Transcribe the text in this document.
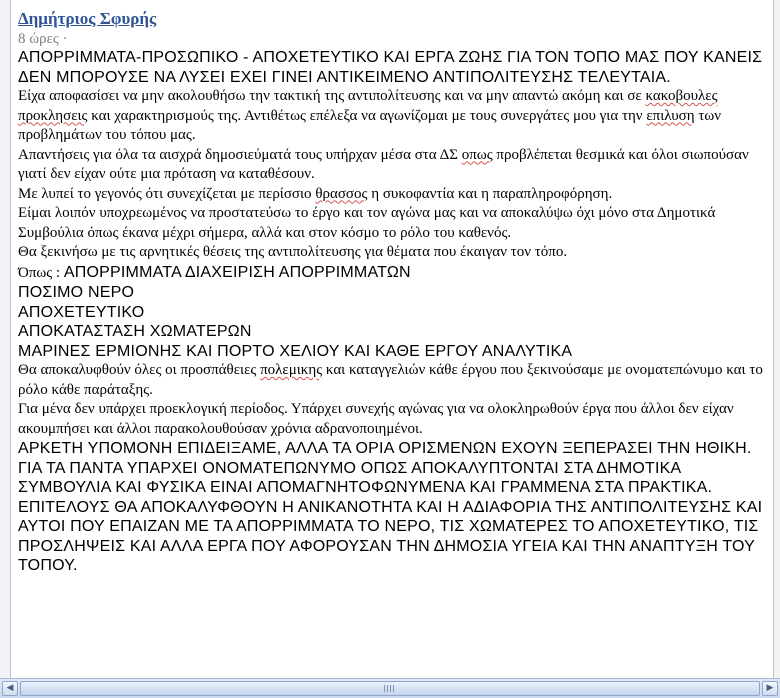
Δημήτριος Σφυρής
8 ώρες ·
ΑΠΟΡΡΙΜΜΑΤΑ-ΠΡΟΣΩΠΙΚΟ - ΑΠΟΧΕΤΕΥΤΙΚΟ ΚΑΙ ΕΡΓΑ ΖΩΗΣ ΓΙΑ ΤΟΝ ΤΟΠΟ ΜΑΣ ΠΟΥ ΚΑΝΕΙΣ ΔΕΝ ΜΠΟΡΟΥΣΕ ΝΑ ΛΥΣΕΙ ΕΧΕΙ ΓΙΝΕΙ ΑΝΤΙΚΕΙΜΕΝΟ ΑΝΤΙΠΟΛΙΤΕΥΣΗΣ ΤΕΛΕΥΤΑΙΑ.
Είχα αποφασίσει να μην ακολουθήσω την τακτική της αντιπολίτευσης και να μην απαντώ ακόμη και σε κακοβουλες προκλησεις και χαρακτηρισμούς της. Αντιθέτως επέλεξα να αγωνίζομαι με τους συνεργάτες μου για την επιλυση των προβλημάτων του τόπου μας.
Απαντήσεις για όλα τα αισχρά δημοσιεύματά τους υπήρχαν μέσα στα ΔΣ οπως προβλέπεται θεσμικά και όλοι σιωπούσαν γιατί δεν είχαν ούτε μια πρόταση να καταθέσουν.
Με λυπεί το γεγονός ότι συνεχίζεται με περίσσιο θρασσος η συκοφαντία και η παραπληροφόρηση.
Είμαι λοιπόν υποχρεωμένος να προστατεύσω το έργο και τον αγώνα μας και να αποκαλύψω όχι μόνο στα Δημοτικά Συμβούλια όπως έκανα μέχρι σήμερα, αλλά και στον κόσμο το ρόλο του καθενός.
Θα ξεκινήσω με τις αρνητικές θέσεις της αντιπολίτευσης για θέματα που έκαιγαν τον τόπο.
Όπως : ΑΠΟΡΡΙΜΜΑΤΑ ΔΙΑΧΕΙΡΙΣΗ ΑΠΟΡΡΙΜΜΑΤΩΝ
ΠΟΣΙΜΟ ΝΕΡΟ
ΑΠΟΧΕΤΕΥΤΙΚΟ
ΑΠΟΚΑΤΑΣΤΑΣΗ ΧΩΜΑΤΕΡΩΝ
ΜΑΡΙΝΕΣ ΕΡΜΙΟΝΗΣ ΚΑΙ ΠΟΡΤΟ ΧΕΛΙΟΥ ΚΑΙ ΚΑΘΕ ΕΡΓΟΥ ΑΝΑΛΥΤΙΚΑ
Θα αποκαλυφθούν όλες οι προσπάθειες πολεμικης και καταγγελιών κάθε έργου που ξεκινούσαμε με ονοματεπώνυμο και το ρόλο κάθε παράταξης.
Για μένα δεν υπάρχει προεκλογική περίοδος. Υπάρχει συνεχής αγώνας για να ολοκληρωθούν έργα που άλλοι δεν είχαν ακουμπήσει και άλλοι παρακολουθούσαν χρόνια αδρανοποιημένοι.
ΑΡΚΕΤΗ ΥΠΟΜΟΝΗ ΕΠΙΔΕΙΞΑΜΕ, ΑΛΛΑ ΤΑ ΟΡΙΑ ΟΡΙΣΜΕΝΩΝ ΕΧΟΥΝ ΞΕΠΕΡΑΣΕΙ ΤΗΝ ΗΘΙΚΗ.
ΓΙΑ ΤΑ ΠΑΝΤΑ ΥΠΑΡΧΕΙ ΟΝΟΜΑΤΕΠΩΝΥΜΟ ΟΠΩΣ ΑΠΟΚΑΛΥΠΤΟΝΤΑΙ ΣΤΑ ΔΗΜΟΤΙΚΑ ΣΥΜΒΟΥΛΙΑ ΚΑΙ ΦΥΣΙΚΑ ΕΙΝΑΙ ΑΠΟΜΑΓΝΗΤΟΦΩΝΥΜΕΝΑ ΚΑΙ ΓΡΑΜΜΕΝΑ ΣΤΑ ΠΡΑΚΤΙΚΑ.
ΕΠΙΤΕΛΟΥΣ ΘΑ ΑΠΟΚΑΛΥΦΘΟΥΝ Η ΑΝΙΚΑΝΟΤΗΤΑ ΚΑΙ Η ΑΔΙΑΦΟΡΙΑ ΤΗΣ ΑΝΤΙΠΟΛΙΤΕΥΣΗΣ ΚΑΙ ΑΥΤΟΙ ΠΟΥ ΕΠΑΙΖΑΝ ΜΕ ΤΑ ΑΠΟΡΡΙΜΜΑΤΑ ΤΟ ΝΕΡΟ, ΤΙΣ ΧΩΜΑΤΕΡΕΣ ΤΟ ΑΠΟΧΕΤΕΥΤΙΚΟ, ΤΙΣ ΠΡΟΣΛΗΨΕΙΣ ΚΑΙ ΑΛΛΑ ΕΡΓΑ ΠΟΥ ΑΦΟΡΟΥΣΑΝ ΤΗΝ ΔΗΜΟΣΙΑ ΥΓΕΙΑ ΚΑΙ ΤΗΝ ΑΝΑΠΤΥΞΗ ΤΟΥ ΤΟΠΟΥ.
◀	▶
